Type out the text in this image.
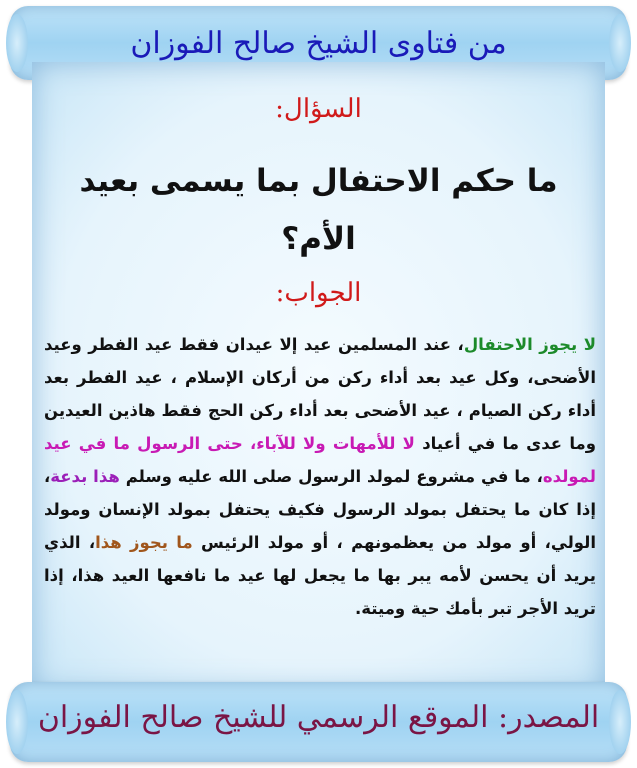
من فتاوى الشيخ صالح الفوزان
السؤال:
ما حكم الاحتفال بما يسمى بعيد الأم؟
الجواب:
لا يجوز الاحتفال، عند المسلمين عيد إلا عيدان فقط عيد الفطر وعيد الأضحى، وكل عيد بعد أداء ركن من أركان الإسلام ، عيد الفطر بعد أداء ركن الصيام ، عيد الأضحى بعد أداء ركن الحج فقط هاذين العيدين وما عدى ما في أعياد لا للأمهات ولا للآباء، حتى الرسول ما في عيد لمولده، ما في مشروع لمولد الرسول صلى الله عليه وسلم هذا بدعة، إذا كان ما يحتفل بمولد الرسول فكيف يحتفل بمولد الإنسان ومولد الولي، أو مولد من يعظمونهم ، أو مولد الرئيس ما يجوز هذا، الذي يريد أن يحسن لأمه يبر بها ما يجعل لها عيد ما نافعها العيد هذا، إذا تريد الأجر تبر بأمك حية وميتة.
المصدر: الموقع الرسمي للشيخ صالح الفوزان
